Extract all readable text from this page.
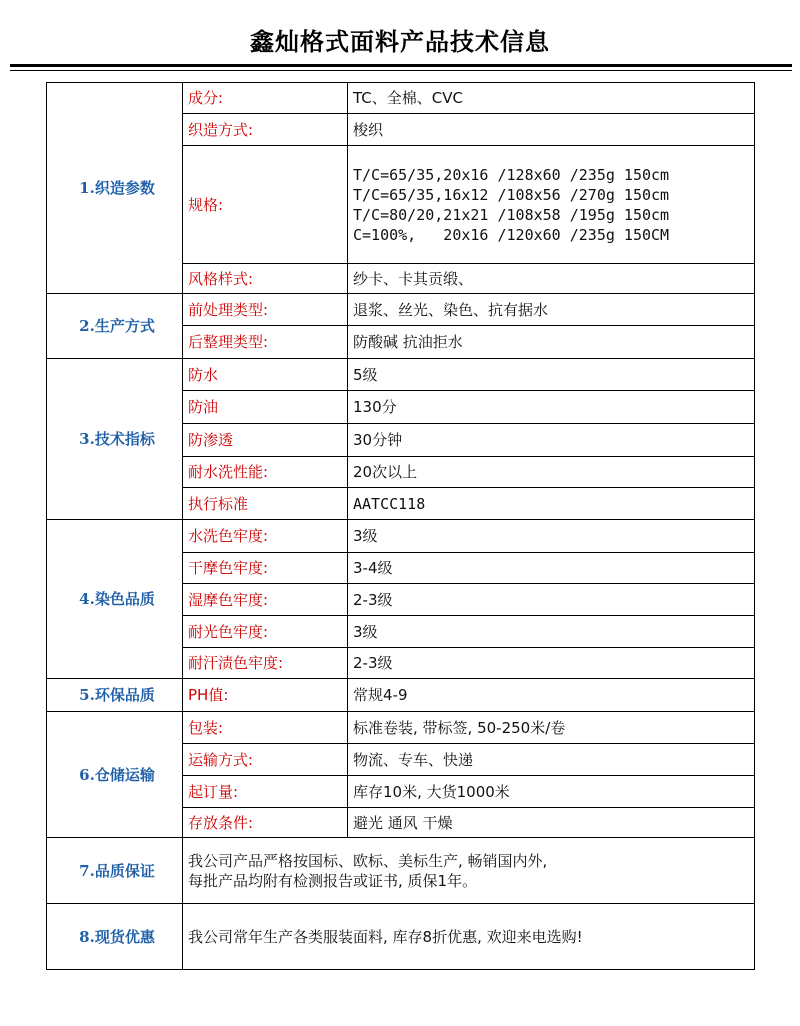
鑫灿格式面料产品技术信息
1.织造参数	成分:	TC、全棉、CVC
	织造方式:	梭织
	规格:	T/C=65/35,20x16 /128x60 /235g 150cm
T/C=65/35,16x12 /108x56 /270g 150cm
T/C=80/20,21x21 /108x58 /195g 150cm
C=100%,   20x16 /120x60 /235g 150CM

	风格样式:	纱卡、卡其贡缎、
2.生产方式	前处理类型:	退浆、丝光、染色、抗有据水
	后整理类型:	防酸碱 抗油拒水
3.技术指标	防水	5级
	防油	130分
	防渗透	30分钟
	耐水洗性能:	20次以上
	执行标准	AATCC118
4.染色品质	水洗色牢度:	3级
	干摩色牢度:	3-4级
	湿摩色牢度:	2-3级
	耐光色牢度:	3级
	耐汗渍色牢度:	2-3级
5.环保品质	PH值:	常规4-9
6.仓储运输	包装:	标准卷装, 带标签, 50-250米/卷
	运输方式:	物流、专车、快递
	起订量:	库存10米, 大货1000米
	存放条件:	避光 通风 干燥
7.品质保证	我公司产品严格按国标、欧标、美标生产, 畅销国内外,
每批产品均附有检测报告或证书, 质保1年。	

8.现货优惠	我公司常年生产各类服装面料, 库存8折优惠, 欢迎来电选购!	
